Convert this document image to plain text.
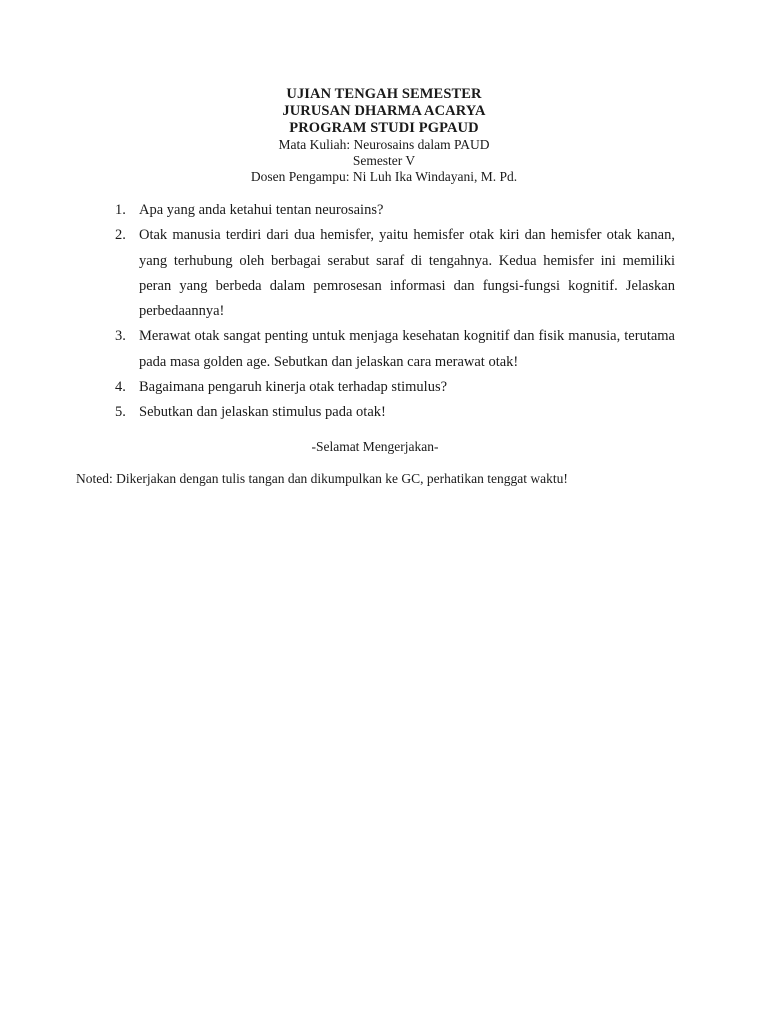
UJIAN TENGAH SEMESTER
JURUSAN DHARMA ACARYA
PROGRAM STUDI PGPAUD
Mata Kuliah: Neurosains dalam PAUD
Semester V
Dosen Pengampu: Ni Luh Ika Windayani, M. Pd.
1. Apa yang anda ketahui tentan neurosains?
2. Otak manusia terdiri dari dua hemisfer, yaitu hemisfer otak kiri dan hemisfer otak kanan, yang terhubung oleh berbagai serabut saraf di tengahnya. Kedua hemisfer ini memiliki peran yang berbeda dalam pemrosesan informasi dan fungsi-fungsi kognitif. Jelaskan perbedaannya!
3. Merawat otak sangat penting untuk menjaga kesehatan kognitif dan fisik manusia, terutama pada masa golden age. Sebutkan dan jelaskan cara merawat otak!
4. Bagaimana pengaruh kinerja otak terhadap stimulus?
5. Sebutkan dan jelaskan stimulus pada otak!
-Selamat Mengerjakan-
Noted: Dikerjakan dengan tulis tangan dan dikumpulkan ke GC, perhatikan tenggat waktu!
